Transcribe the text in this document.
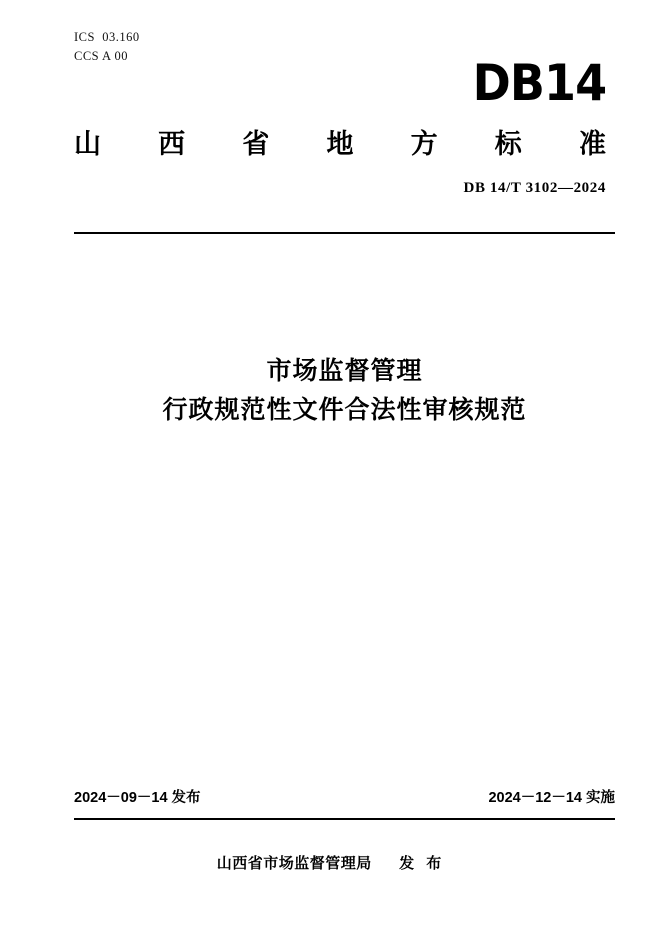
ICS  03.160
CCS A 00	DB14
山 西 省 地 方 标 准
DB 14/T 3102—2024
市场监督管理
行政规范性文件合法性审核规范
2024－09－14 发布	2024－12－14 实施
山西省市场监督管理局 发 布
